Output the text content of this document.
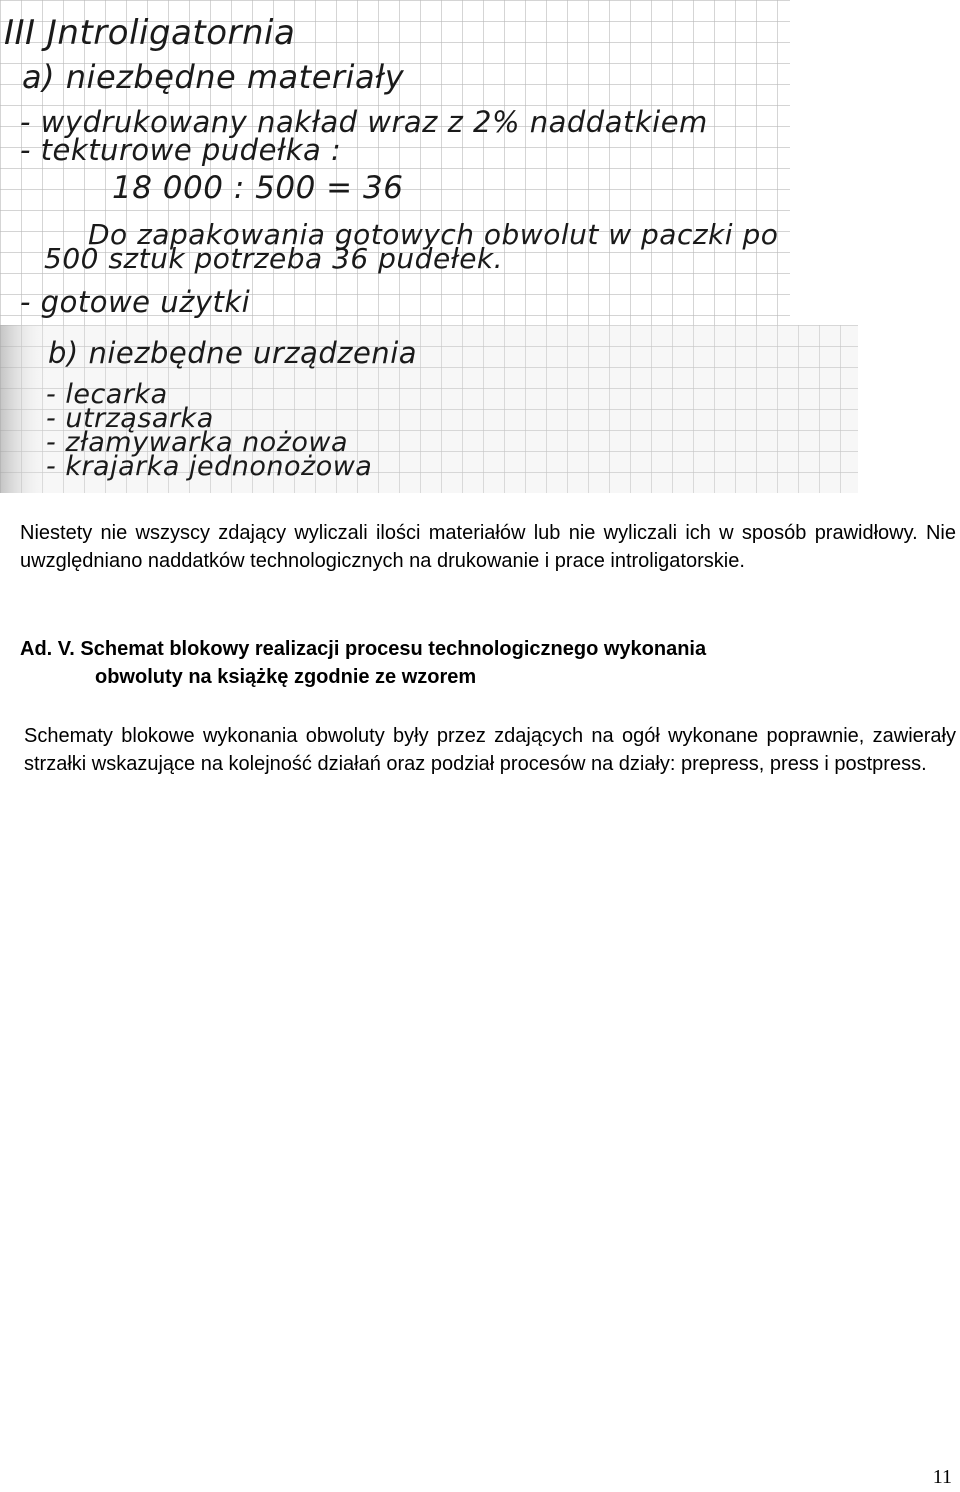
III Jntroligatornia
a) niezbędne materiały
- wydrukowany nakład wraz z 2% naddatkiem
- tekturowe pudełka :
18 000 : 500 = 36
Do zapakowania gotowych obwolut w paczki po
500 sztuk potrzeba 36 pudełek.
- gotowe użytki
b) niezbędne urządzenia
- lecarka
- utrząsarka
- złamywarka nożowa
- krajarka jednonożowa

Niestety nie wszyscy zdający wyliczali ilości materiałów lub nie wyliczali ich w sposób prawidłowy. Nie uwzględniano naddatków technologicznych na drukowanie i prace introligatorskie.

Ad. V. Schemat blokowy realizacji procesu technologicznego wykonania
obwoluty na książkę zgodnie ze wzorem

Schematy blokowe wykonania obwoluty były przez zdających na ogół wykonane poprawnie, zawierały strzałki wskazujące na kolejność działań oraz podział procesów na działy: prepress, press i postpress.

11
